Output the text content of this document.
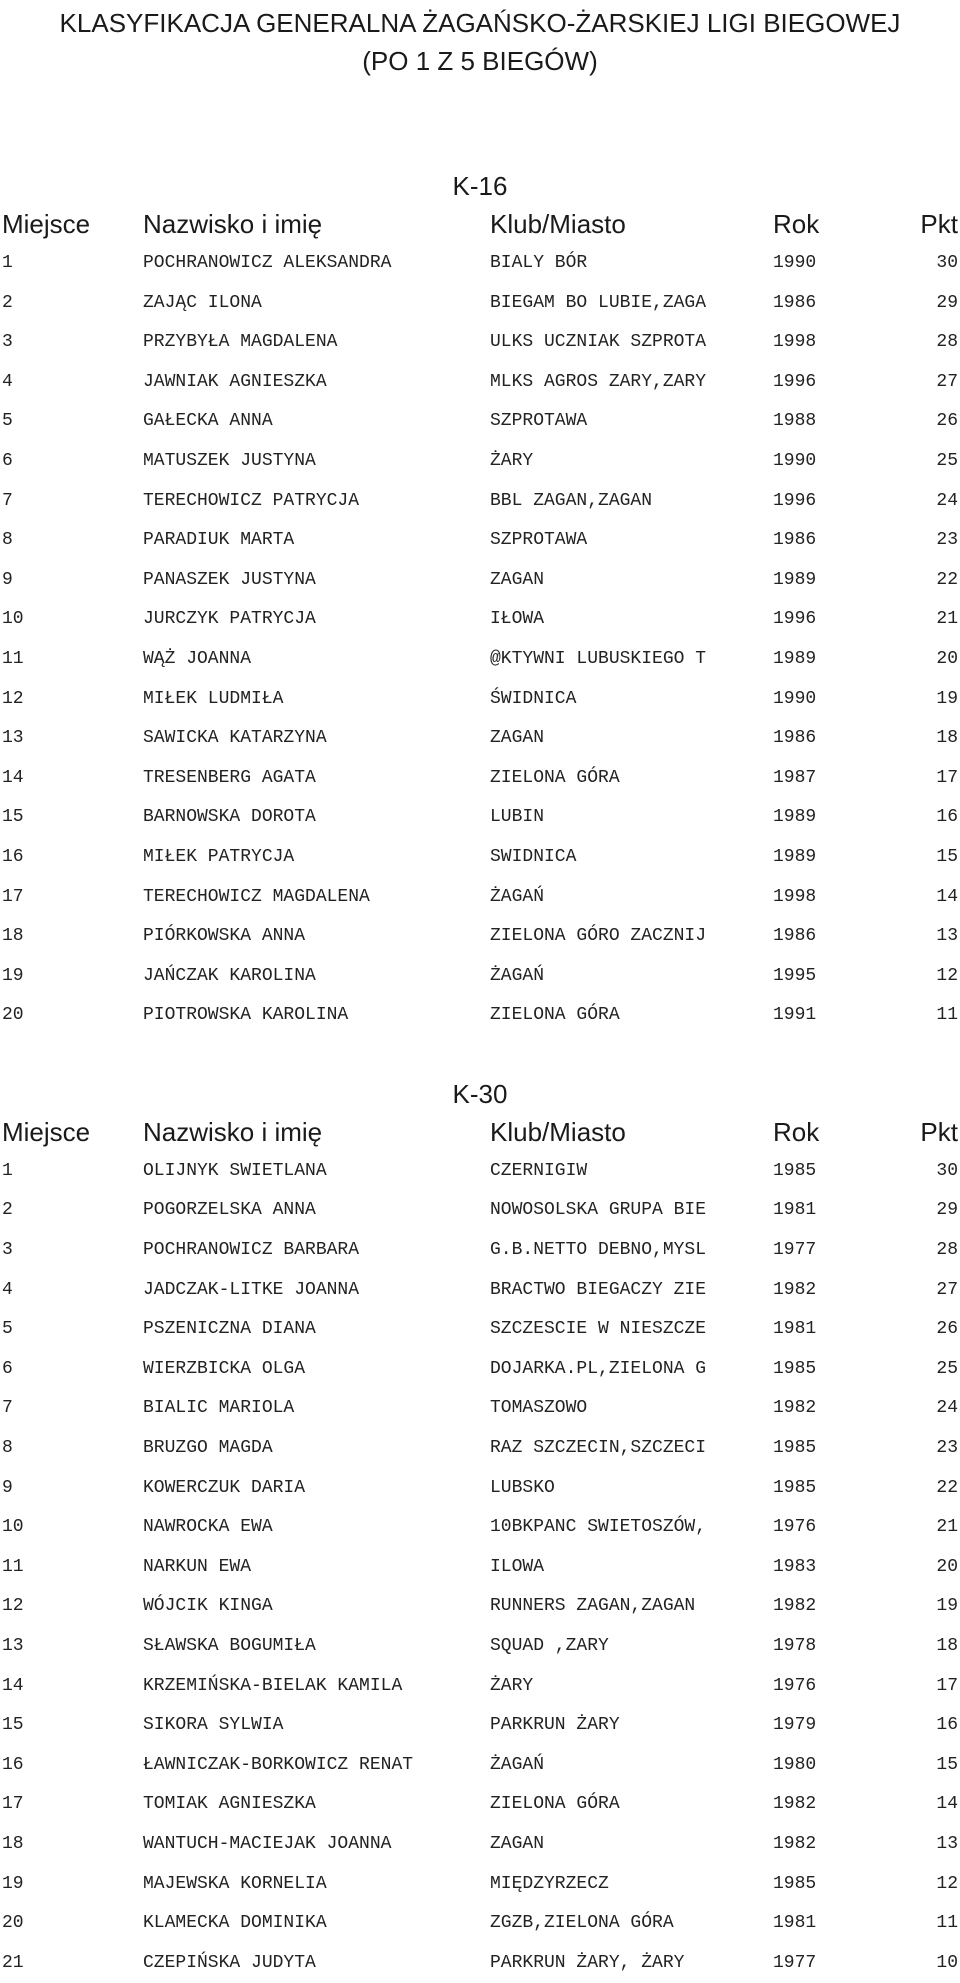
KLASYFIKACJA GENERALNA ŻAGAŃSKO-ŻARSKIEJ LIGI BIEGOWEJ
(PO 1 Z 5 BIEGÓW)
K-16
Miejsce	Nazwisko i imię	Klub/Miasto	Rok	Pkt
1	POCHRANOWICZ ALEKSANDRA	BIALY BÓR	1990	30
2	ZAJĄC ILONA	BIEGAM BO LUBIE,ZAGA	1986	29
3	PRZYBYŁA MAGDALENA	ULKS UCZNIAK SZPROTA	1998	28
4	JAWNIAK AGNIESZKA	MLKS AGROS ZARY,ZARY	1996	27
5	GAŁECKA ANNA	SZPROTAWA	1988	26
6	MATUSZEK JUSTYNA	ŻARY	1990	25
7	TERECHOWICZ PATRYCJA	BBL ZAGAN,ZAGAN	1996	24
8	PARADIUK MARTA	SZPROTAWA	1986	23
9	PANASZEK JUSTYNA	ZAGAN	1989	22
10	JURCZYK PATRYCJA	IŁOWA	1996	21
11	WĄŻ JOANNA	@KTYWNI LUBUSKIEGO T	1989	20
12	MIŁEK LUDMIŁA	ŚWIDNICA	1990	19
13	SAWICKA KATARZYNA	ZAGAN	1986	18
14	TRESENBERG AGATA	ZIELONA GÓRA	1987	17
15	BARNOWSKA DOROTA	LUBIN	1989	16
16	MIŁEK PATRYCJA	SWIDNICA	1989	15
17	TERECHOWICZ MAGDALENA	ŻAGAŃ	1998	14
18	PIÓRKOWSKA ANNA	ZIELONA GÓRO ZACZNIJ	1986	13
19	JAŃCZAK KAROLINA	ŻAGAŃ	1995	12
20	PIOTROWSKA KAROLINA	ZIELONA GÓRA	1991	11
K-30
Miejsce	Nazwisko i imię	Klub/Miasto	Rok	Pkt
1	OLIJNYK SWIETLANA	CZERNIGIW	1985	30
2	POGORZELSKA ANNA	NOWOSOLSKA GRUPA BIE	1981	29
3	POCHRANOWICZ BARBARA	G.B.NETTO DEBNO,MYSL	1977	28
4	JADCZAK-LITKE JOANNA	BRACTWO BIEGACZY ZIE	1982	27
5	PSZENICZNA DIANA	SZCZESCIE W NIESZCZE	1981	26
6	WIERZBICKA OLGA	DOJARKA.PL,ZIELONA G	1985	25
7	BIALIC MARIOLA	TOMASZOWO	1982	24
8	BRUZGO MAGDA	RAZ SZCZECIN,SZCZECI	1985	23
9	KOWERCZUK DARIA	LUBSKO	1985	22
10	NAWROCKA EWA	10BKPANC SWIETOSZÓW,	1976	21
11	NARKUN EWA	ILOWA	1983	20
12	WÓJCIK KINGA	RUNNERS ZAGAN,ZAGAN	1982	19
13	SŁAWSKA BOGUMIŁA	SQUAD ,ZARY	1978	18
14	KRZEMIŃSKA-BIELAK KAMILA	ŻARY	1976	17
15	SIKORA SYLWIA	PARKRUN ŻARY	1979	16
16	ŁAWNICZAK-BORKOWICZ RENAT	ŻAGAŃ	1980	15
17	TOMIAK AGNIESZKA	ZIELONA GÓRA	1982	14
18	WANTUCH-MACIEJAK JOANNA	ZAGAN	1982	13
19	MAJEWSKA KORNELIA	MIĘDZYRZECZ	1985	12
20	KLAMECKA DOMINIKA	ZGZB,ZIELONA GÓRA	1981	11
21	CZEPIŃSKA JUDYTA	PARKRUN ŻARY, ŻARY	1977	10
